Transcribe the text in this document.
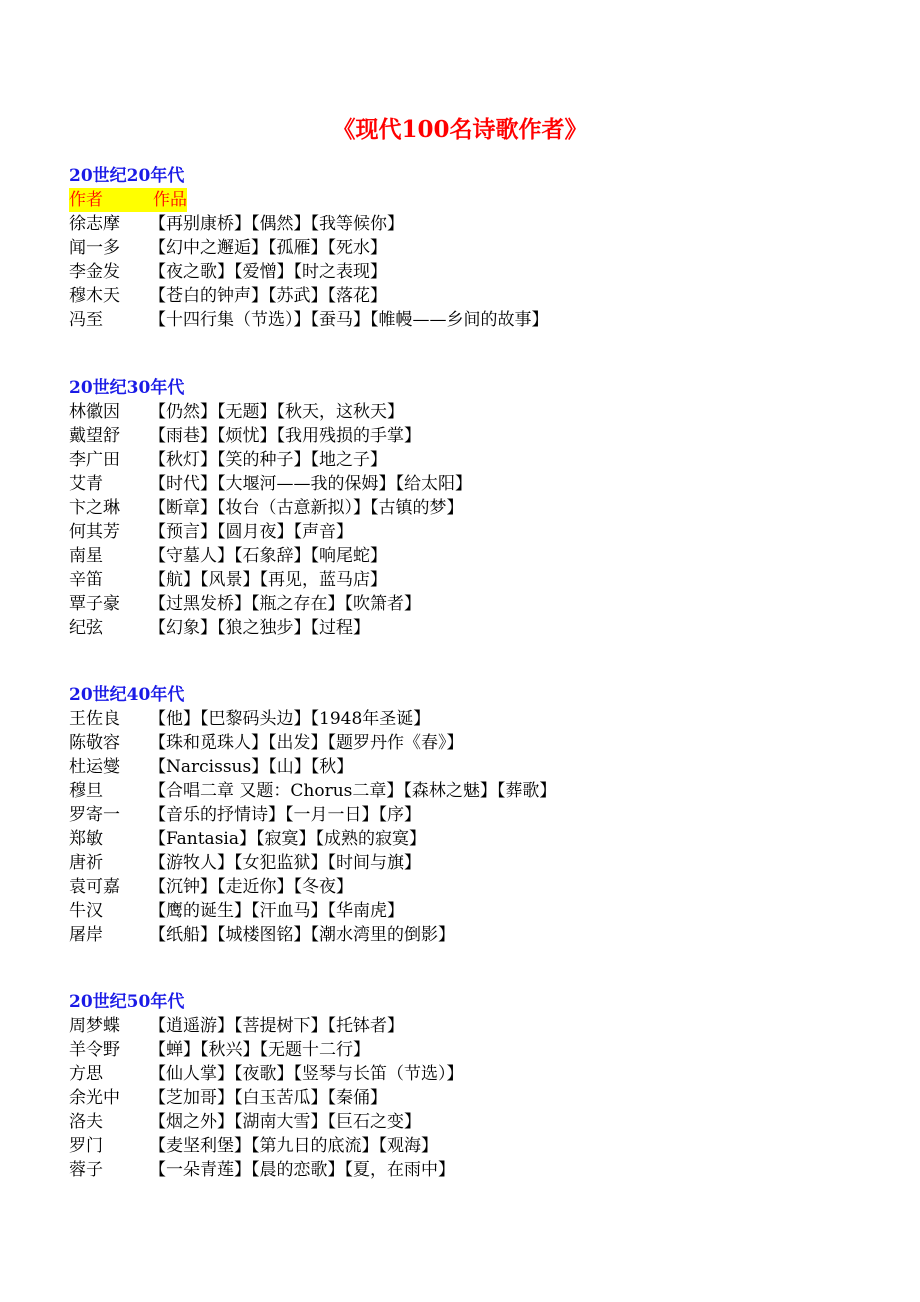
《现代100名诗歌作者》
20世纪20年代
作者	作品
徐志摩 【再别康桥】【偶然】【我等候你】
闻一多 【幻中之邂逅】【孤雁】【死水】
李金发 【夜之歌】【爱憎】【时之表现】
穆木天 【苍白的钟声】【苏武】【落花】
冯至	【十四行集（节选）】【蚕马】【帷幔——乡间的故事】
20世纪30年代
林徽因 【仍然】【无题】【秋天，这秋天】
戴望舒 【雨巷】【烦忧】【我用残损的手掌】
李广田 【秋灯】【笑的种子】【地之子】
艾青	【时代】【大堰河——我的保姆】【给太阳】
卞之琳 【断章】【妆台（古意新拟）】【古镇的梦】
何其芳 【预言】【圆月夜】【声音】
南星	【守墓人】【石象辞】【响尾蛇】
辛笛	【航】【风景】【再见，蓝马店】
覃子豪 【过黑发桥】【瓶之存在】【吹箫者】
纪弦	【幻象】【狼之独步】【过程】
20世纪40年代
王佐良 【他】【巴黎码头边】【1948年圣诞】
陈敬容 【珠和觅珠人】【出发】【题罗丹作《春》】
杜运燮 【Narcissus】【山】【秋】
穆旦	【合唱二章 又题：Chorus二章】【森林之魅】【葬歌】
罗寄一 【音乐的抒情诗】【一月一日】【序】
郑敏	【Fantasia】【寂寞】【成熟的寂寞】
唐祈	【游牧人】【女犯监狱】【时间与旗】
袁可嘉 【沉钟】【走近你】【冬夜】
牛汉	【鹰的诞生】【汗血马】【华南虎】
屠岸	【纸船】【城楼图铭】【潮水湾里的倒影】
20世纪50年代
周梦蝶 【逍遥游】【菩提树下】【托钵者】
羊令野 【蝉】【秋兴】【无题十二行】
方思	【仙人掌】【夜歌】【竖琴与长笛（节选）】
余光中 【芝加哥】【白玉苦瓜】【秦俑】
洛夫	【烟之外】【湖南大雪】【巨石之变】
罗门	【麦坚利堡】【第九日的底流】【观海】
蓉子	【一朵青莲】【晨的恋歌】【夏，在雨中】
